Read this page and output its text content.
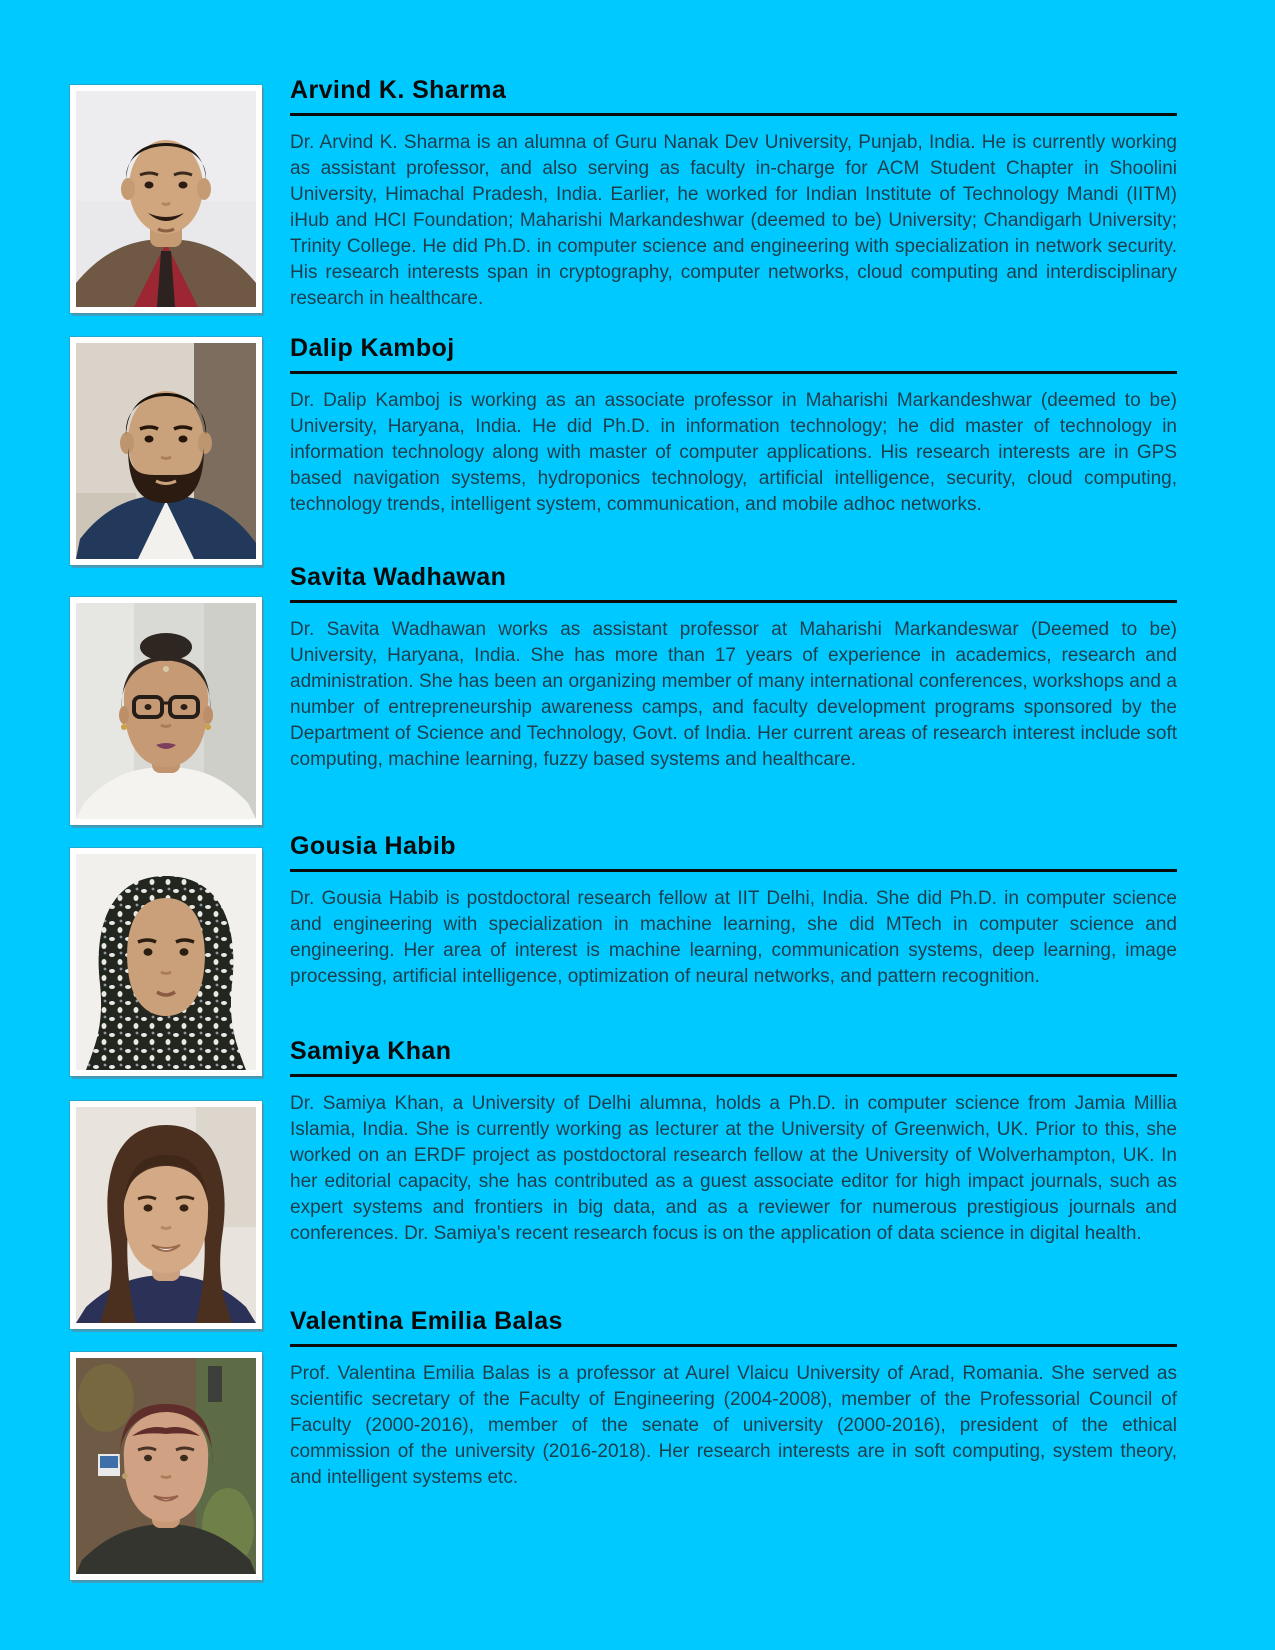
Arvind K. Sharma

Dr. Arvind K. Sharma is an alumna of Guru Nanak Dev University, Punjab, India. He is currently working as assistant professor, and also serving as faculty in-charge for ACM Student Chapter in Shoolini University, Himachal Pradesh, India. Earlier, he worked for Indian Institute of Technology Mandi (IITM) iHub and HCI Foundation; Maharishi Markandeshwar (deemed to be) University; Chandigarh University; Trinity College. He did Ph.D. in computer science and engineering with specialization in network security. His research interests span in cryptography, computer networks, cloud computing and interdisciplinary research in healthcare.

Dalip Kamboj

Dr. Dalip Kamboj is working as an associate professor in Maharishi Markandeshwar (deemed to be) University, Haryana, India. He did Ph.D. in information technology; he did master of technology in information technology along with master of computer applications. His research interests are in GPS based navigation systems, hydroponics technology, artificial intelligence, security, cloud computing, technology trends, intelligent system, communication, and mobile adhoc networks.

Savita Wadhawan

Dr. Savita Wadhawan works as assistant professor at Maharishi Markandeswar (Deemed to be) University, Haryana, India. She has more than 17 years of experience in academics, research and administration. She has been an organizing member of many international conferences, workshops and a number of entrepreneurship awareness camps, and faculty development programs sponsored by the Department of Science and Technology, Govt. of India. Her current areas of research interest include soft computing, machine learning, fuzzy based systems and healthcare.

Gousia Habib

Dr. Gousia Habib is postdoctoral research fellow at IIT Delhi, India. She did Ph.D. in computer science and engineering with specialization in machine learning, she did MTech in computer science and engineering. Her area of interest is machine learning, communication systems, deep learning, image processing, artificial intelligence, optimization of neural networks, and pattern recognition.

Samiya Khan

Dr. Samiya Khan, a University of Delhi alumna, holds a Ph.D. in computer science from Jamia Millia Islamia, India. She is currently working as lecturer at the University of Greenwich, UK. Prior to this, she worked on an ERDF project as postdoctoral research fellow at the University of Wolverhampton, UK. In her editorial capacity, she has contributed as a guest associate editor for high impact journals, such as expert systems and frontiers in big data, and as a reviewer for numerous prestigious journals and conferences. Dr. Samiya's recent research focus is on the application of data science in digital health.

Valentina Emilia Balas

Prof. Valentina Emilia Balas is a professor at Aurel Vlaicu University of Arad, Romania. She served as scientific secretary of the Faculty of Engineering (2004-2008), member of the Professorial Council of Faculty (2000-2016), member of the senate of university (2000-2016), president of the ethical commission of the university (2016-2018). Her research interests are in soft computing, system theory, and intelligent systems etc.
